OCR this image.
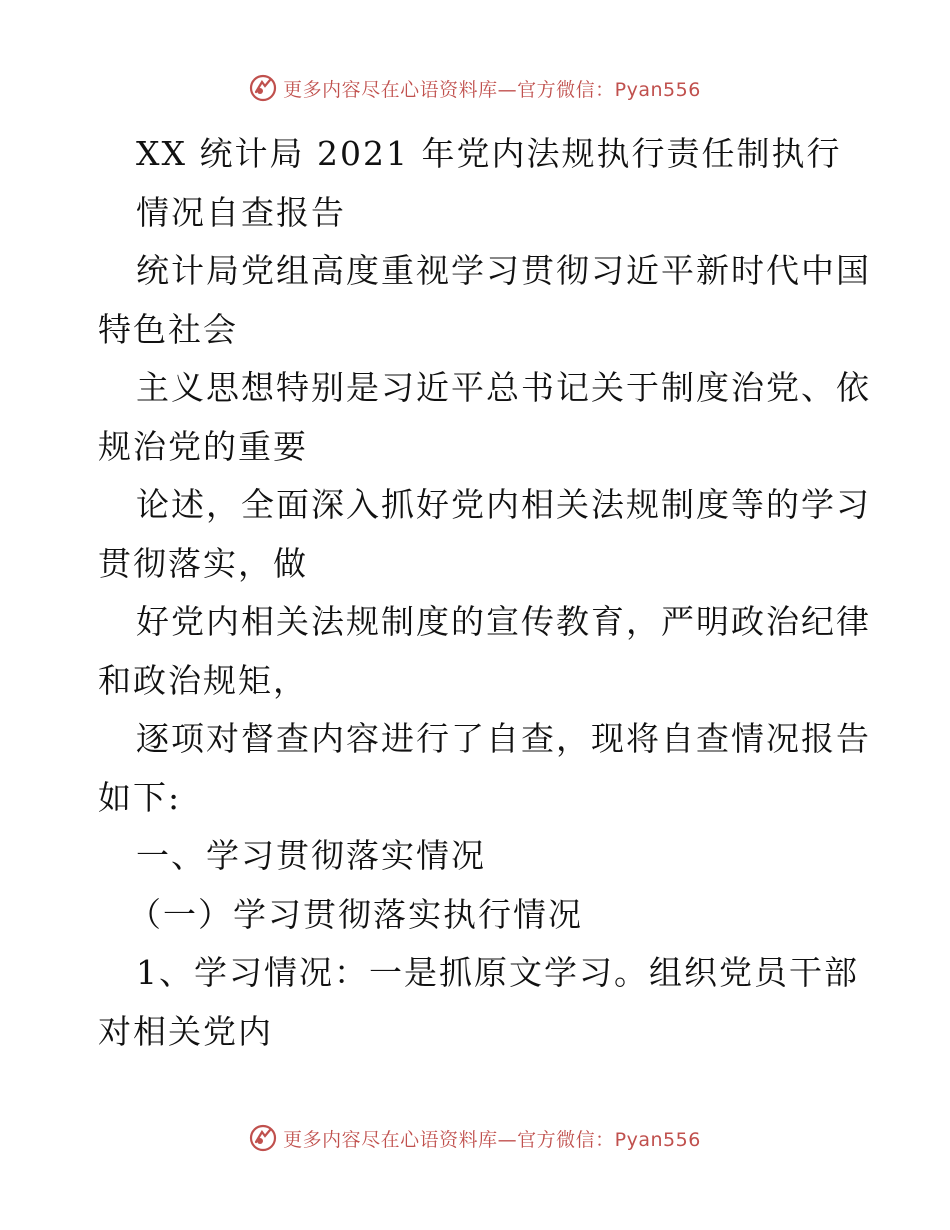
更多内容尽在心语资料库—官方微信：Pyan556
XX 统计局 2021 年党内法规执行责任制执行
情况自查报告
统计局党组高度重视学习贯彻习近平新时代中国
特色社会
主义思想特别是习近平总书记关于制度治党、依
规治党的重要
论述，全面深入抓好党内相关法规制度等的学习
贯彻落实，做
好党内相关法规制度的宣传教育，严明政治纪律
和政治规矩，
逐项对督查内容进行了自查，现将自查情况报告
如下:
一、学习贯彻落实情况
（一）学习贯彻落实执行情况
1、学习情况：一是抓原文学习。组织党员干部
对相关党内
更多内容尽在心语资料库—官方微信：Pyan556
